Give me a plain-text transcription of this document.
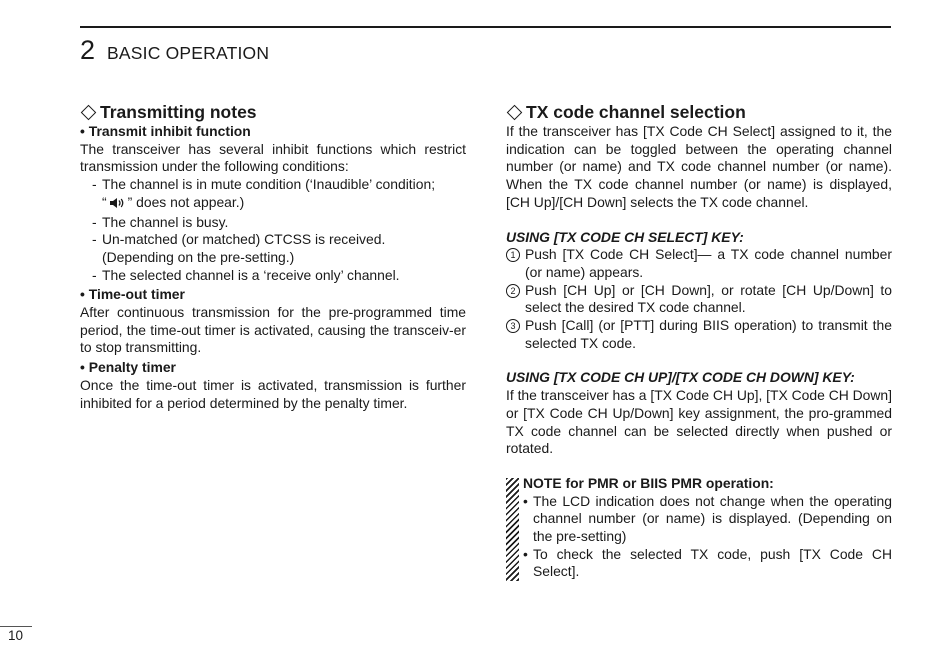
2 BASIC OPERATION
Transmitting notes
• Transmit inhibit function

The transceiver has several inhibit functions which restrict transmission under the following conditions:

- The channel is in mute condition (‘Inaudible’ condition;
“ ” does not appear.)
- The channel is busy.
- Un-matched (or matched) CTCSS is received.
(Depending on the pre-setting.)
- The selected channel is a ‘receive only’ channel.
• Time-out timer

After continuous transmission for the pre-programmed time period, the time-out timer is activated, causing the transceiv-er to stop transmitting.

• Penalty timer

Once the time-out timer is activated, transmission is further inhibited for a period determined by the penalty timer.

TX code channel selection

If the transceiver has [TX Code CH Select] assigned to it, the indication can be toggled between the operating channel number (or name) and TX code channel number (or name). When the TX code channel number (or name) is displayed, [CH Up]/[CH Down] selects the TX code channel.

USING [TX CODE CH SELECT] KEY:
1 Push [TX Code CH Select]— a TX code channel number (or name) appears.
2 Push [CH Up] or [CH Down], or rotate [CH Up/Down] to select the desired TX code channel.
3 Push [Call] (or [PTT] during BIIS operation) to transmit the selected TX code.
USING [TX CODE CH UP]/[TX CODE CH DOWN] KEY:

If the transceiver has a [TX Code CH Up], [TX Code CH Down] or [TX Code CH Up/Down] key assignment, the pro-grammed TX code channel can be selected directly when pushed or rotated.

NOTE for PMR or BIIS PMR operation:
• The LCD indication does not change when the operating channel number (or name) is displayed. (Depending on the pre-setting)
• To check the selected TX code, push [TX Code CH Select].
10
